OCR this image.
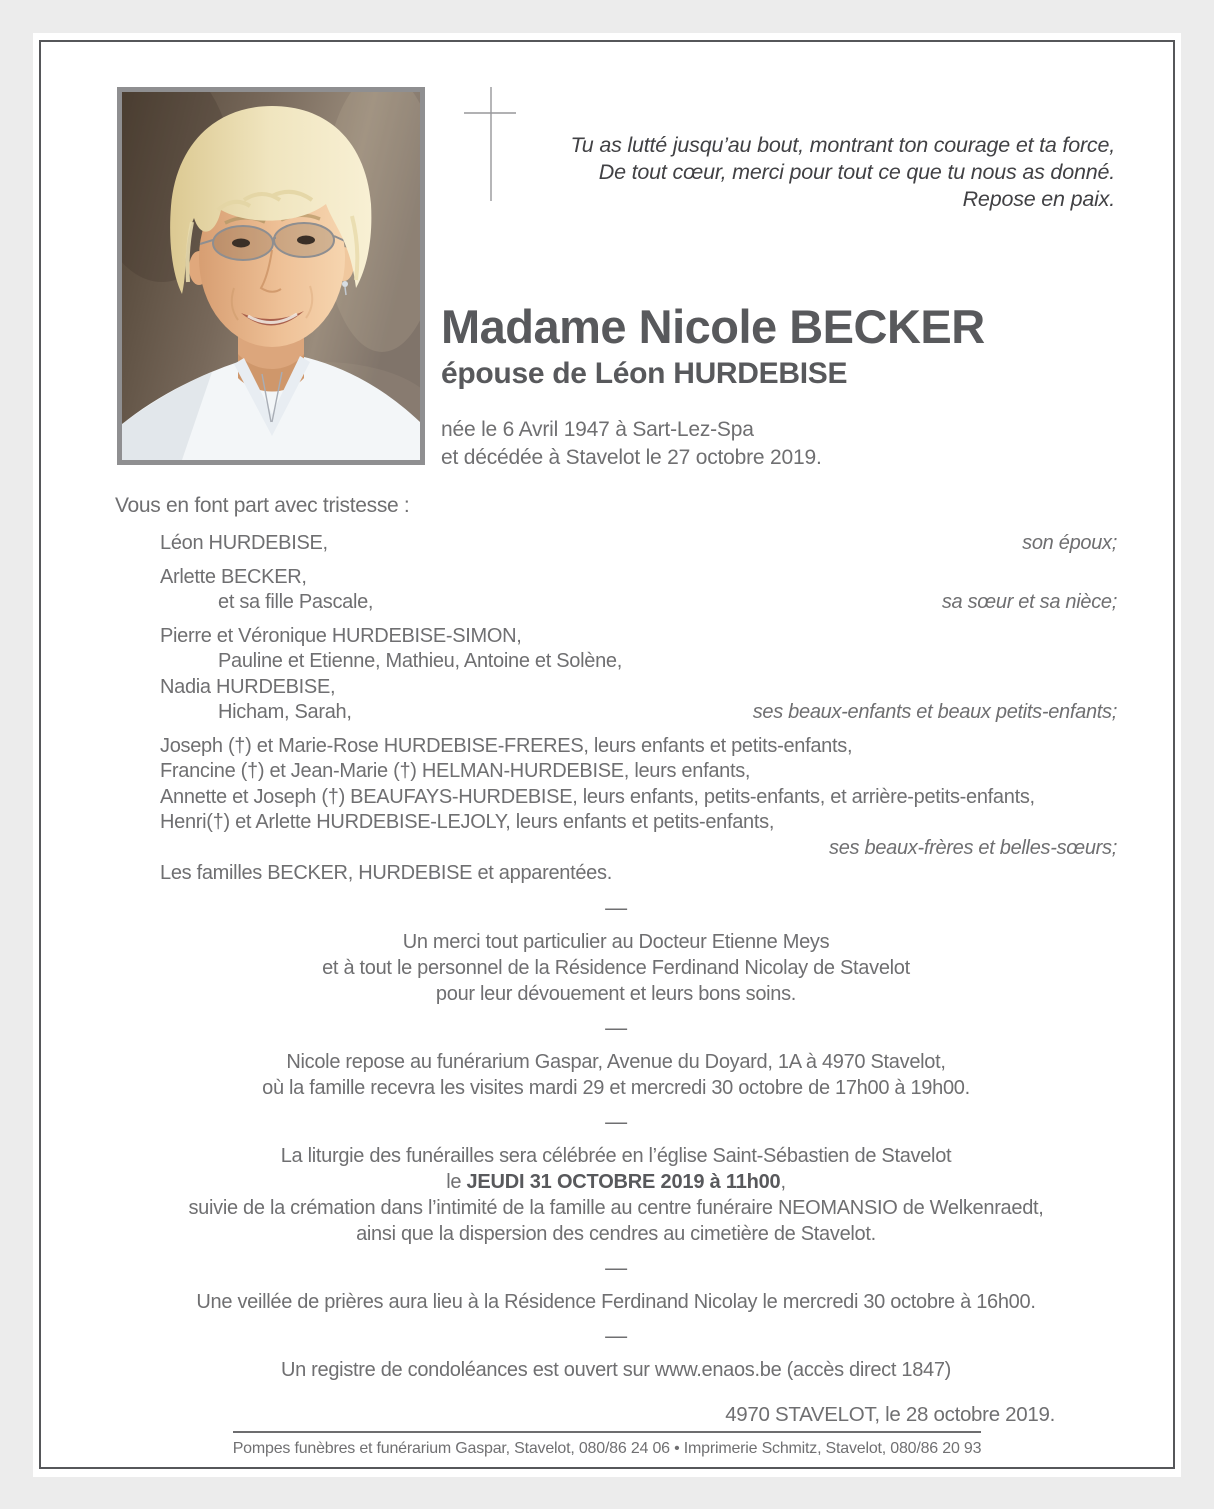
Tu as lutté jusqu’au bout, montrant ton courage et ta force,
De tout cœur, merci pour tout ce que tu nous as donné.
Repose en paix.
Madame Nicole BECKER
épouse de Léon HURDEBISE
née le 6 Avril 1947 à Sart-Lez-Spa
et décédée à Stavelot le 27 octobre 2019.

Vous en font part avec tristesse :

Léon HURDEBISE,	son époux;
Arlette BECKER,
et sa fille Pascale,	sa sœur et sa nièce;
Pierre et Véronique HURDEBISE-SIMON,
Pauline et Etienne, Mathieu, Antoine et Solène,
Nadia HURDEBISE,
Hicham, Sarah,	ses beaux-enfants et beaux petits-enfants;
Joseph (†) et Marie-Rose HURDEBISE-FRERES, leurs enfants et petits-enfants,
Francine (†) et Jean-Marie (†) HELMAN-HURDEBISE, leurs enfants,
Annette et Joseph (†) BEAUFAYS-HURDEBISE, leurs enfants, petits-enfants, et arrière-petits-enfants,
Henri(†) et Arlette HURDEBISE-LEJOLY, leurs enfants et petits-enfants,
ses beaux-frères et belles-sœurs;
Les familles BECKER, HURDEBISE et apparentées.
—

Un merci tout particulier au Docteur Etienne Meys

et à tout le personnel de la Résidence Ferdinand Nicolay de Stavelot

pour leur dévouement et leurs bons soins.

—

Nicole repose au funérarium Gaspar, Avenue du Doyard, 1A à 4970 Stavelot,

où la famille recevra les visites mardi 29 et mercredi 30 octobre de 17h00 à 19h00.

—

La liturgie des funérailles sera célébrée en l’église Saint-Sébastien de Stavelot

le JEUDI 31 OCTOBRE 2019 à 11h00,

suivie de la crémation dans l’intimité de la famille au centre funéraire NEOMANSIO de Welkenraedt,

ainsi que la dispersion des cendres au cimetière de Stavelot.

—

Une veillée de prières aura lieu à la Résidence Ferdinand Nicolay le mercredi 30 octobre à 16h00.

—

Un registre de condoléances est ouvert sur www.enaos.be (accès direct 1847)

4970 STAVELOT, le 28 octobre 2019.
Pompes funèbres et funérarium Gaspar, Stavelot, 080/86 24 06 • Imprimerie Schmitz, Stavelot, 080/86 20 93
